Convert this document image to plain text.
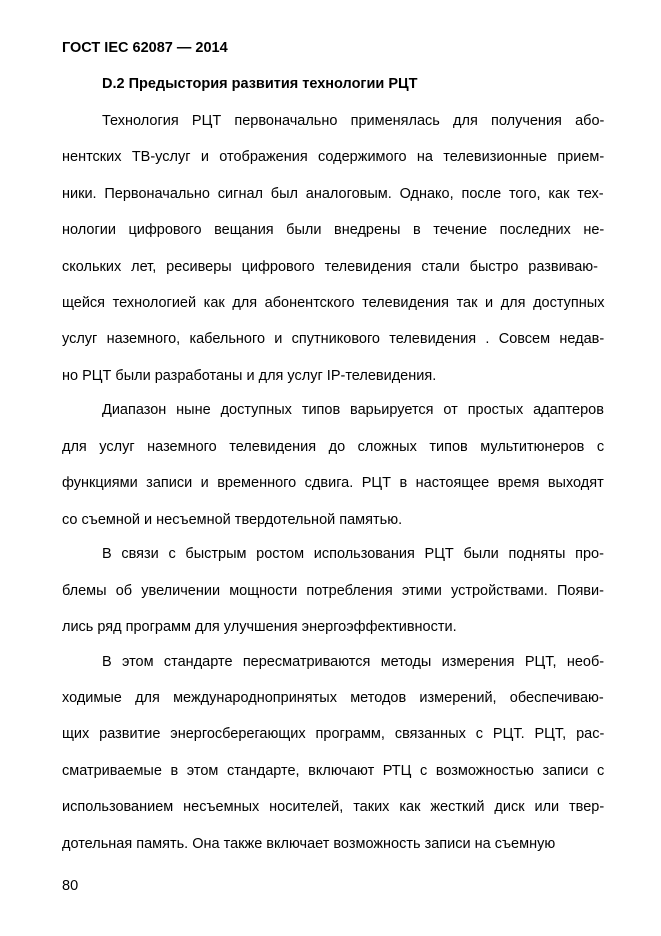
ГОСТ IEC 62087 — 2014
D.2 Предыстория развития технологии РЦТ
Технология РЦТ первоначально применялась для получения або-
нентских ТВ-услуг и отображения содержимого на телевизионные прием-
ники. Первоначально сигнал был аналоговым. Однако, после того, как тех-
нологии цифрового вещания были внедрены в течение последних не-
скольких лет, ресиверы цифрового телевидения стали быстро развиваю-
щейся технологией как для абонентского телевидения так и для доступных
услуг наземного, кабельного и спутникового телевидения . Совсем недав-
но РЦТ были разработаны и для услуг IP-телевидения.
Диапазон ныне доступных типов варьируется от простых адаптеров
для услуг наземного телевидения до сложных типов мультитюнеров с
функциями записи и временного сдвига. РЦТ в настоящее время выходят
со съемной и несъемной твердотельной памятью.
В связи с быстрым ростом использования РЦТ были подняты про-
блемы об увеличении мощности потребления этими устройствами. Появи-
лись ряд программ для улучшения энергоэффективности.
В этом стандарте пересматриваются методы измерения РЦТ, необ-
ходимые для международнопринятых методов измерений, обеспечиваю-
щих развитие энергосберегающих программ, связанных с РЦТ. РЦТ, рас-
сматриваемые в этом стандарте, включают РТЦ с возможностью записи с
использованием несъемных носителей, таких как жесткий диск или твер-
дотельная память. Она также включает возможность записи на съемную
80
